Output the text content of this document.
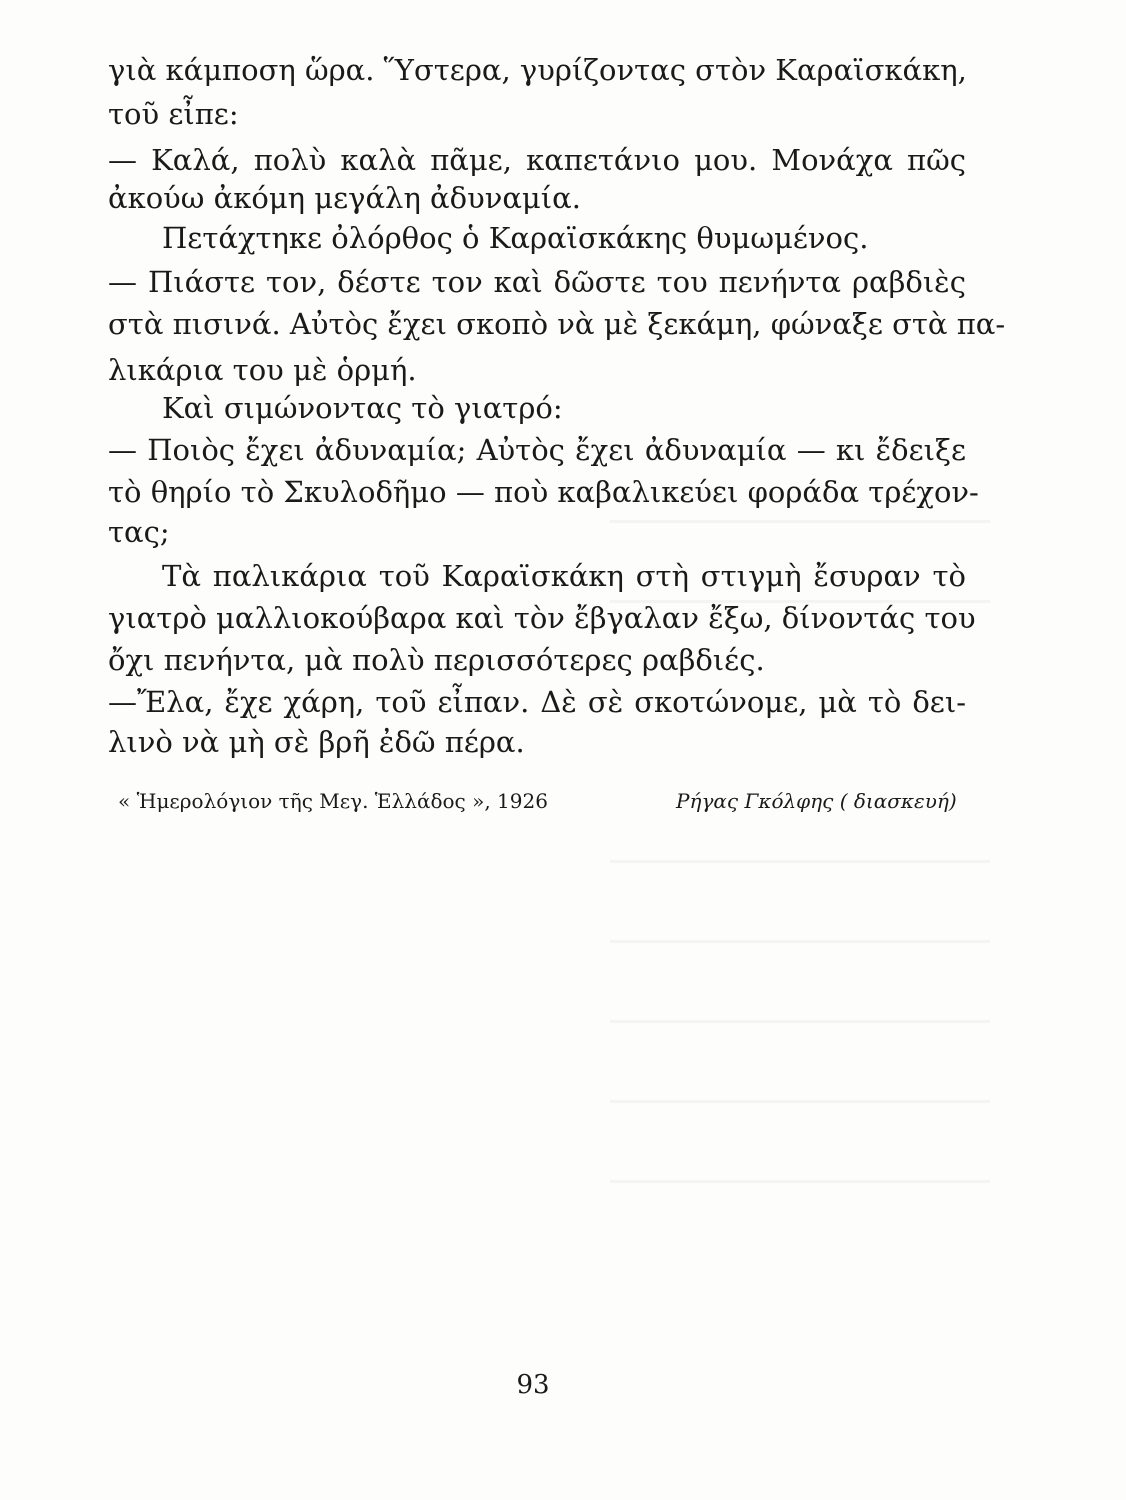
γιὰ κάμποση ὥρα. Ὕστερα, γυρίζοντας στὸν Καραϊσκάκη,
τοῦ εἶπε:
— Καλά, πολὺ καλὰ πᾶμε, καπετάνιο μου. Μονάχα πῶς
ἀκούω ἀκόμη μεγάλη ἀδυναμία.
Πετάχτηκε ὀλόρθος ὁ Καραϊσκάκης θυμωμένος.
— Πιάστε τον, δέστε τον καὶ δῶστε του πενήντα ραβδιὲς
στὰ πισινά. Αὐτὸς ἔχει σκοπὸ νὰ μὲ ξεκάμη, φώναξε στὰ πα-
λικάρια του μὲ ὁρμή.
Καὶ σιμώνοντας τὸ γιατρό:
— Ποιὸς ἔχει ἀδυναμία; Αὐτὸς ἔχει ἀδυναμία — κι ἔδειξε
τὸ θηρίο τὸ Σκυλοδῆμο — ποὺ καβαλικεύει φοράδα τρέχον-
τας;
Τὰ παλικάρια τοῦ Καραϊσκάκη στὴ στιγμὴ ἔσυραν τὸ
γιατρὸ μαλλιοκούβαρα καὶ τὸν ἔβγαλαν ἔξω, δίνοντάς του
ὄχι πενήντα, μὰ πολὺ περισσότερες ραβδιές.
—Ἔλα, ἔχε χάρη, τοῦ εἶπαν. Δὲ σὲ σκοτώνομε, μὰ τὸ δει-
λινὸ νὰ μὴ σὲ βρῆ ἐδῶ πέρα.
« Ἡμερολόγιον τῆς Μεγ. Ἑλλάδος », 1926	Ρήγας Γκόλφης ( διασκευή)
93
